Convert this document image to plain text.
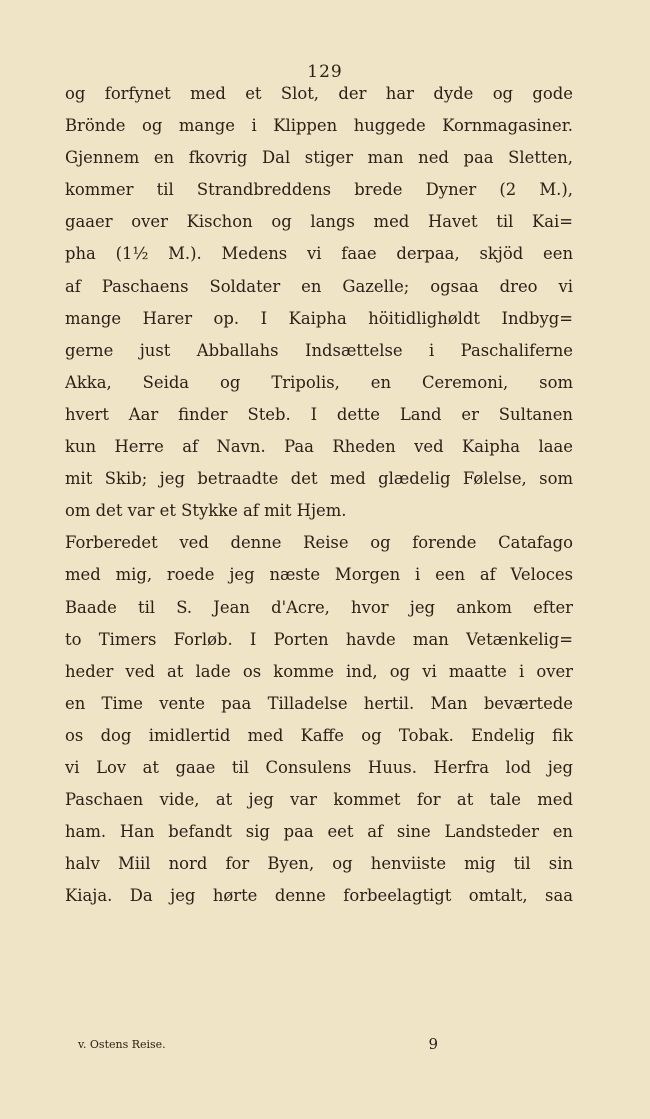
129
og forfynet med et Slot, der har dyde og gode
Brönde og mange i Klippen huggede Kornmagasiner.
Gjennem en fkovrig Dal stiger man ned paa Sletten,
kommer til Strandbreddens brede Dyner (2 M.),
gaaer over Kischon og langs med Havet til Kai=
pha (1½ M.). Medens vi faae derpaa, skjöd een
af Paschaens Soldater en Gazelle; ogsaa dreo vi
mange Harer op. I Kaipha höitidlighøldt Indbyg=
gerne just Abballahs Indsættelse i Paschaliferne
Akka, Seida og Tripolis, en Ceremoni, som
hvert Aar finder Steb. I dette Land er Sultanen
kun Herre af Navn. Paa Rheden ved Kaipha laae
mit Skib; jeg betraadte det med glædelig Følelse, som
om det var et Stykke af mit Hjem.
Forberedet ved denne Reise og forende Catafago
med mig, roede jeg næste Morgen i een af Veloces
Baade til S. Jean d'Acre, hvor jeg ankom efter
to Timers Forløb. I Porten havde man Vetænkelig=
heder ved at lade os komme ind, og vi maatte i over
en Time vente paa Tilladelse hertil. Man beværtede
os dog imidlertid med Kaffe og Tobak. Endelig fik
vi Lov at gaae til Consulens Huus. Herfra lod jeg
Paschaen vide, at jeg var kommet for at tale med
ham. Han befandt sig paa eet af sine Landsteder en
halv Miil nord for Byen, og henviiste mig til sin
Kiaja. Da jeg hørte denne forbeelagtigt omtalt, saa
v. Ostens Reise.	9
